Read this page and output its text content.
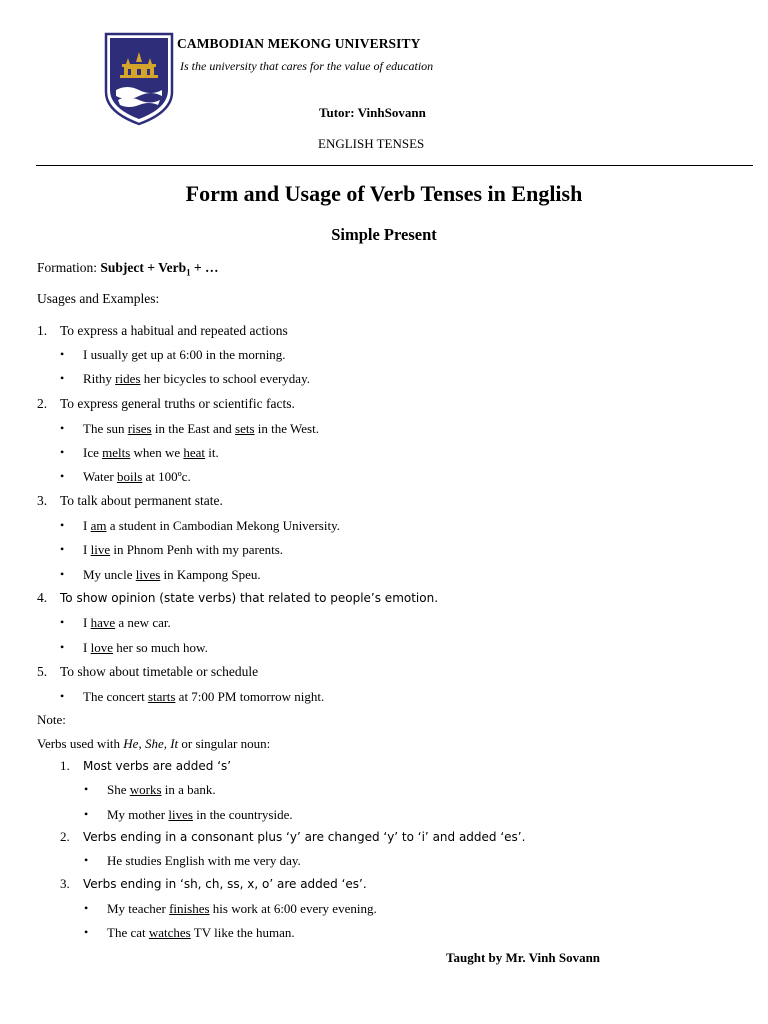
CAMBODIAN MEKONG UNIVERSITY
Is the university that cares for the value of education
Tutor: VinhSovann
ENGLISH TENSES
Form and Usage of Verb Tenses in English
Simple Present
Formation: Subject + Verb$_1$ + …
Usages and Examples:
1. To express a habitual and repeated actions
• I usually get up at 6:00 in the morning.
• Rithy rides her bicycles to school everyday.
2. To express general truths or scientific facts.
• The sun rises in the East and sets in the West.
• Ice melts when we heat it.
• Water boils at 100ºc.
3. To talk about permanent state.
• I am a student in Cambodian Mekong University.
• I live in Phnom Penh with my parents.
• My uncle lives in Kampong Speu.
4. To show opinion (state verbs) that related to people’s emotion.
• I have a new car.
• I love her so much how.
5. To show about timetable or schedule
• The concert starts at 7:00 PM tomorrow night.
Note:
Verbs used with He, She, It or singular noun:
1. Most verbs are added ‘s’
• She works in a bank.
• My mother lives in the countryside.
2. Verbs ending in a consonant plus ‘y’ are changed ‘y’ to ‘i’ and added ‘es’.
• He studies English with me very day.
3. Verbs ending in ‘sh, ch, ss, x, o’ are added ‘es’.
• My teacher finishes his work at 6:00 every evening.
• The cat watches TV like the human.
Taught by Mr. Vinh Sovann
